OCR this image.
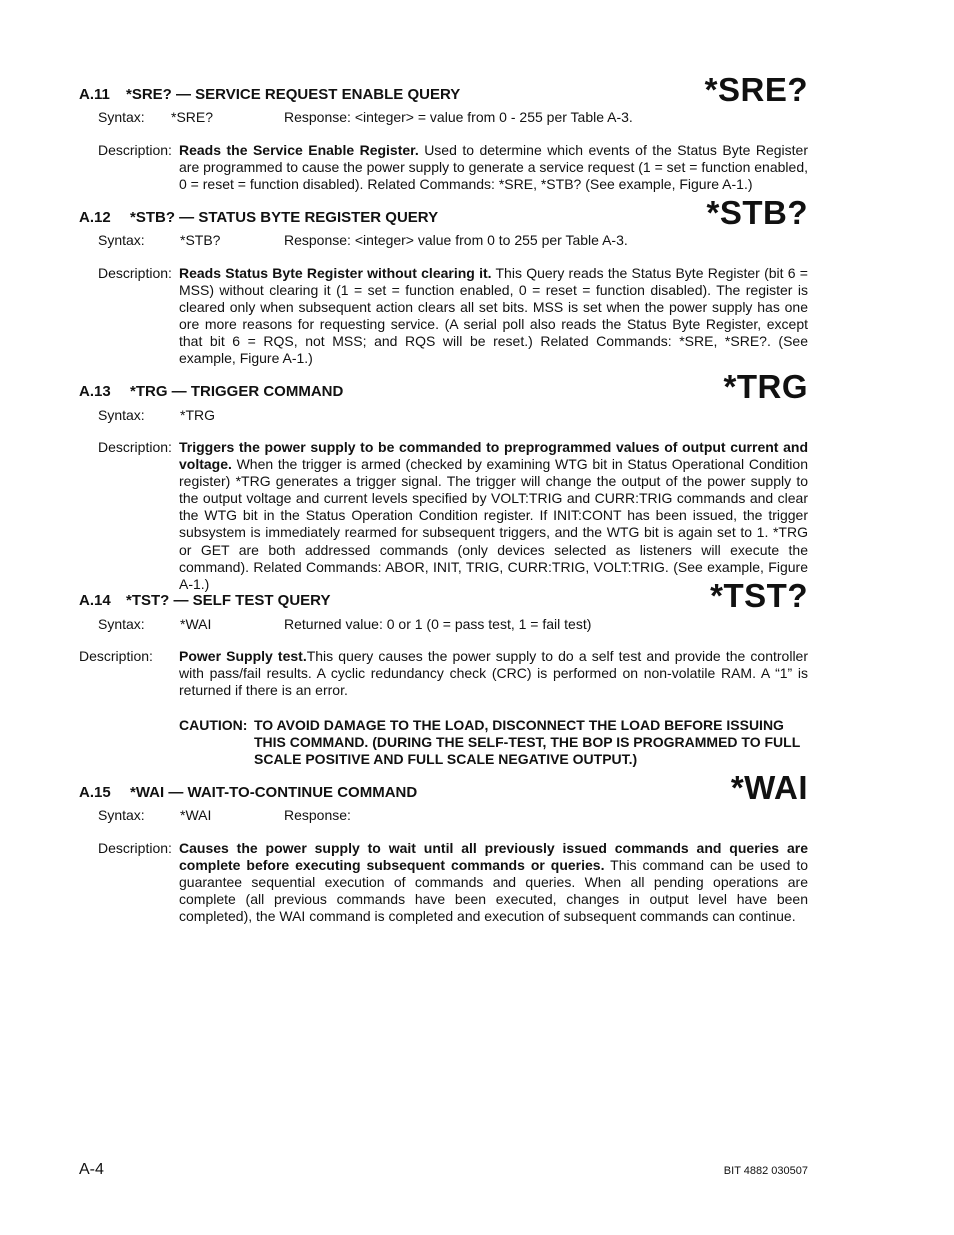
*SRE?
A.11 *SRE? — SERVICE REQUEST ENABLE QUERY
Syntax: *SRE?	Response: <integer> = value from 0 - 255 per Table A-3.
Description: Reads the Service Enable Register. Used to determine which events of the Status Byte Register are programmed to cause the power supply to generate a service request (1 = set = function enabled, 0 = reset = function disabled). Related Commands: *SRE, *STB? (See example, Figure A-1.)
*STB?
A.12 *STB? — STATUS BYTE REGISTER QUERY
Syntax:	*STB?	Response: <integer> value from 0 to 255 per Table A-3.
Description: Reads Status Byte Register without clearing it. This Query reads the Status Byte Register (bit 6 = MSS) without clearing it (1 = set = function enabled, 0 = reset = function disabled). The register is cleared only when subsequent action clears all set bits. MSS is set when the power supply has one ore more reasons for requesting service. (A serial poll also reads the Status Byte Register, except that bit 6 = RQS, not MSS; and RQS will be reset.) Related Commands: *SRE, *SRE?. (See example, Figure A-1.)
*TRG
A.13 *TRG — TRIGGER COMMAND
Syntax:	*TRG
Description: Triggers the power supply to be commanded to preprogrammed values of output current and voltage. When the trigger is armed (checked by examining WTG bit in Status Operational Condition register) *TRG generates a trigger signal. The trigger will change the output of the power supply to the output voltage and current levels specified by VOLT:TRIG and CURR:TRIG commands and clear the WTG bit in the Status Operation Condition register. If INIT:CONT has been issued, the trigger subsystem is immediately rearmed for subsequent triggers, and the WTG bit is again set to 1. *TRG or GET are both addressed commands (only devices selected as listeners will execute the command). Related Commands: ABOR, INIT, TRIG, CURR:TRIG, VOLT:TRIG. (See example, Figure A-1.)	*TST?
A.14 *TST? — SELF TEST QUERY
Syntax:	*WAI	Returned value: 0 or 1 (0 = pass test, 1 = fail test)
Description: Power Supply test.This query causes the power supply to do a self test and provide the controller with pass/fail results. A cyclic redundancy check (CRC) is performed on non-volatile RAM. A “1” is returned if there is an error.
CAUTION: TO AVOID DAMAGE TO THE LOAD, DISCONNECT THE LOAD BEFORE ISSUING THIS COMMAND. (DURING THE SELF-TEST, THE BOP IS PROGRAMMED TO FULL SCALE POSITIVE AND FULL SCALE NEGATIVE OUTPUT.)
*WAI
A.15 *WAI — WAIT-TO-CONTINUE COMMAND
Syntax:	*WAI	Response:
Description: Causes the power supply to wait until all previously issued commands and queries are complete before executing subsequent commands or queries. This command can be used to guarantee sequential execution of commands and queries. When all pending operations are complete (all previous commands have been executed, changes in output level have been completed), the WAI command is completed and execution of subsequent commands can continue.
A-4	BIT 4882 030507
